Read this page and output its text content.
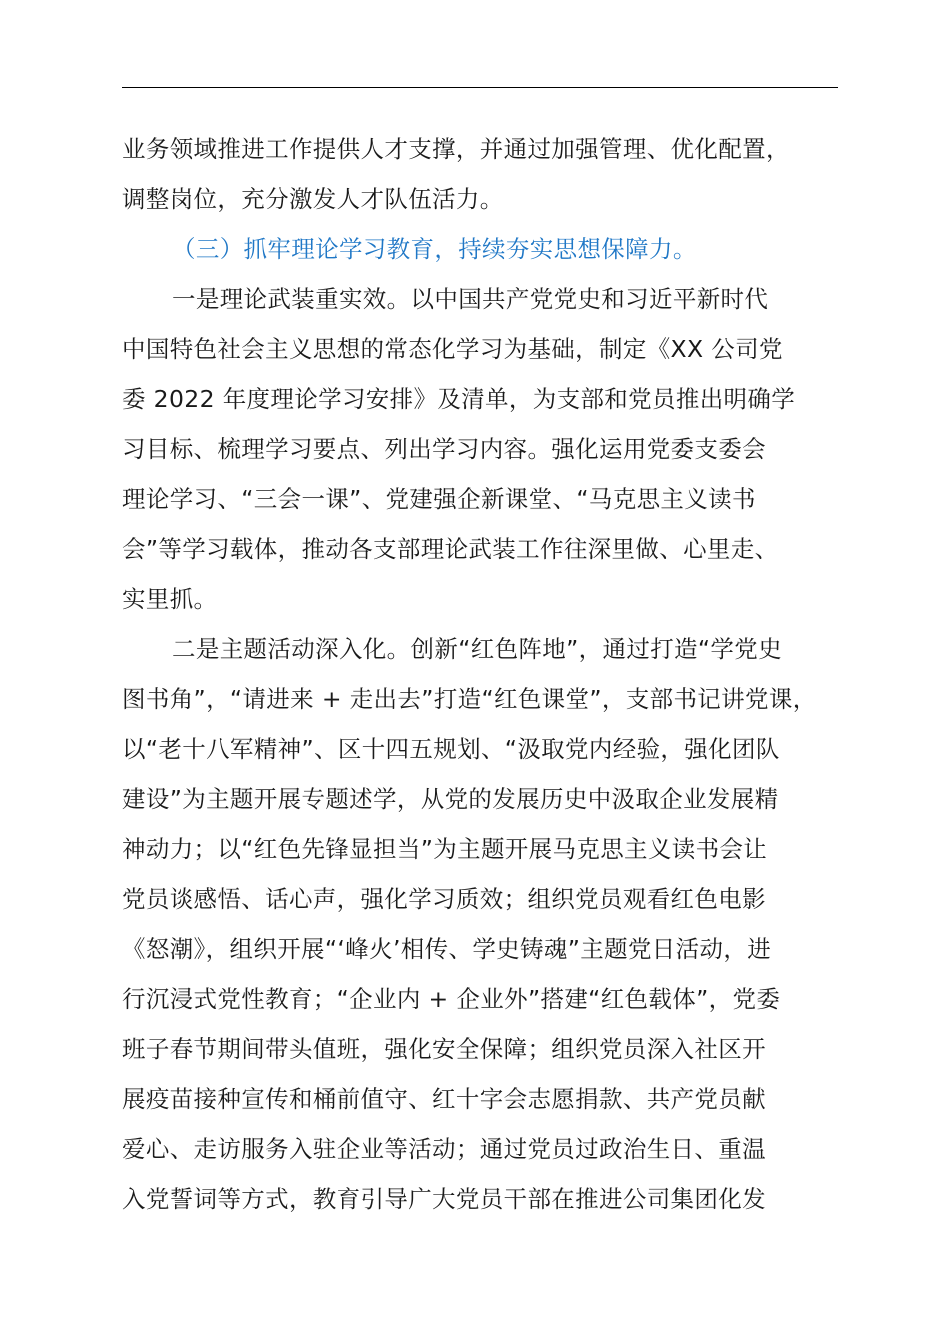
业务领域推进工作提供人才支撑，并通过加强管理、优化配置，
调整岗位，充分激发人才队伍活力。
（三）抓牢理论学习教育，持续夯实思想保障力。
一是理论武装重实效。以中国共产党党史和习近平新时代
中国特色社会主义思想的常态化学习为基础，制定《XX 公司党
委 2022 年度理论学习安排》及清单，为支部和党员推出明确学
习目标、梳理学习要点、列出学习内容。强化运用党委支委会
理论学习、“三会一课”、党建强企新课堂、“马克思主义读书
会”等学习载体，推动各支部理论武装工作往深里做、心里走、
实里抓。
二是主题活动深入化。创新“红色阵地”，通过打造“学党史
图书角”，“请进来 + 走出去”打造“红色课堂”，支部书记讲党课，
以“老十八军精神”、区十四五规划、“汲取党内经验，强化团队
建设”为主题开展专题述学，从党的发展历史中汲取企业发展精
神动力；以“红色先锋显担当”为主题开展马克思主义读书会让
党员谈感悟、话心声，强化学习质效；组织党员观看红色电影
《怒潮》，组织开展“‘峰火’相传、学史铸魂”主题党日活动，进
行沉浸式党性教育；“企业内 + 企业外”搭建“红色载体”，党委
班子春节期间带头值班，强化安全保障；组织党员深入社区开
展疫苗接种宣传和桶前值守、红十字会志愿捐款、共产党员献
爱心、走访服务入驻企业等活动；通过党员过政治生日、重温
入党誓词等方式，教育引导广大党员干部在推进公司集团化发
